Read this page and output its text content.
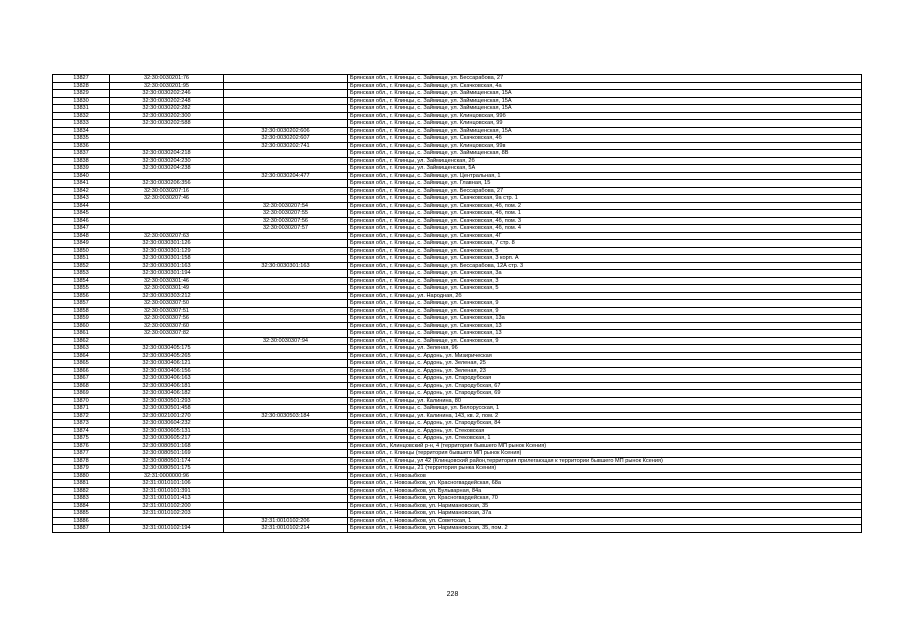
13827	32:30:0030201:76		Брянская обл., г. Клинцы, с. Займище, ул. Бессарабова, 27
13828	32:30:0030201:95		Брянская обл., г. Клинцы, с. Займище, ул. Скачковская, 4а
13829	32:30:0030202:246		Брянская обл., г. Клинцы, с. Займище, ул. Займищенская, 15А
13830	32:30:0030202:248		Брянская обл., г. Клинцы, с. Займище, ул. Займищенская, 15А
13831	32:30:0030202:282		Брянская обл., г. Клинцы, с. Займище, ул. Займищенская, 15А
13832	32:30:0030202:300		Брянская обл., г. Клинцы, с. Займище, ул. Клинцовская, 99б
13833	32:30:0030202:588		Брянская обл., г. Клинцы, с. Займище, ул. Клинцовская, 99
13834		32:30:0030202:606	Брянская обл., г. Клинцы, с. Займище, ул. Займищенская, 15А
13835		32:30:0030202:607	Брянская обл., г. Клинцы, с. Займище, ул. Скачковская, 4б
13836		32:30:0030202:741	Брянская обл., г. Клинцы, с. Займище, ул. Клинцовская, 99в
13837	32:30:0030204:218		Брянская обл., г. Клинцы, с. Займище, ул. Займищенская, 8В
13838	32:30:0030204:230		Брянская обл., г. Клинцы, ул. Займищенская, 2б
13839	32:30:0030204:238		Брянская обл., г. Клинцы, ул. Займищенская, 5А
13840		32:30:0030204:477	Брянская обл., г. Клинцы, с. Займище, ул. Центральная, 1
13841	32:30:0030206:356		Брянская обл., г. Клинцы, с. Займище, ул. Главная, 15
13842	32:30:0030207:16		Брянская обл., г. Клинцы, с. Займище, ул. Бессарабова, 27
13843	32:30:0030207:46		Брянская обл., г. Клинцы, с. Займище, ул. Скачковская, 9а стр. 1
13844		32:30:0030207:54	Брянская обл., г. Клинцы, с. Займище, ул. Скачковская, 4б, пом. 2
13845		32:30:0030207:55	Брянская обл., г. Клинцы, с. Займище, ул. Скачковская, 4б, пом. 1
13846		32:30:0030207:56	Брянская обл., г. Клинцы, с. Займище, ул. Скачковская, 4б, пом. 3
13847		32:30:0030207:57	Брянская обл., г. Клинцы, с. Займище, ул. Скачковская, 4б, пом. 4
13848	32:30:0030207:63		Брянская обл., г. Клинцы, с. Займище, ул. Скачковская, 4Г
13849	32:30:0030301:126		Брянская обл., г. Клинцы, с. Займище, ул. Скачковская, 7 стр. 8
13850	32:30:0030301:129		Брянская обл., г. Клинцы, с. Займище, ул. Скачковская, 5
13851	32:30:0030301:158		Брянская обл., г. Клинцы, с. Займище, ул. Скачковская, 3 корп. А
13852	32:30:0030301:163	32:30:0030301:163	Брянская обл., г. Клинцы, с. Займище, ул. Бессарабова, 12А стр. 3
13853	32:30:0030301:194		Брянская обл., г. Клинцы, с. Займище, ул. Скачковская, 3а
13854	32:30:0030301:46		Брянская обл., г. Клинцы, с. Займище, ул. Скачковская, 3
13855	32:30:0030301:49		Брянская обл., г. Клинцы, с. Займище, ул. Скачковская, 5
13856	32:30:0030303:212		Брянская обл., г. Клинцы, ул. Народная, 2б
13857	32:30:0030307:50		Брянская обл., г. Клинцы, с. Займище, ул. Скачковская, 9
13858	32:30:0030307:51		Брянская обл., г. Клинцы, с. Займище, ул. Скачковская, 9
13859	32:30:0030307:56		Брянская обл., г. Клинцы, с. Займище, ул. Скачковская, 13а
13860	32:30:0030307:60		Брянская обл., г. Клинцы, с. Займище, ул. Скачковская, 13
13861	32:30:0030307:82		Брянская обл., г. Клинцы, с. Займище, ул. Скачковская, 13
13862		32:30:0030307:94	Брянская обл., г. Клинцы, с. Займище, ул. Скачковская, 9
13863	32:30:0030405:175		Брянская обл., г. Клинцы, ул. Зеленая, 96
13864	32:30:0030405:265		Брянская обл., г. Клинцы, с. Ардонь, ул. Мизирическая
13865	32:30:0030406:121		Брянская обл., г. Клинцы, с. Ардонь, ул. Зеленая, 25
13866	32:30:0030406:156		Брянская обл., г. Клинцы, с. Ардонь, ул. Зеленая, 23
13867	32:30:0030406:163		Брянская обл., г. Клинцы, с. Ардонь, ул. Стародубская
13868	32:30:0030406:181		Брянская обл., г. Клинцы, с. Ардонь, ул. Стародубская, 67
13869	32:30:0030406:182		Брянская обл., г. Клинцы, с. Ардонь, ул. Стародубская, 69
13870	32:30:0030501:293		Брянская обл., г. Клинцы, ул. Калинина, 80
13871	32:30:0030501:458		Брянская обл., г. Клинцы, с. Займище, ул. Белорусская, 1
13872	32:30:0021001:270	32:30:0030503:184	Брянская обл., г. Клинцы, ул. Калинина, 143, кв. 2, пом. 2
13873	32:30:0030604:232		Брянская обл., г. Клинцы, с. Ардонь, ул. Стародубская, 84
13874	32:30:0030605:131		Брянская обл., г. Клинцы, с. Ардонь, ул. Стековская
13875	32:30:0030605:217		Брянская обл., г. Клинцы, с. Ардонь, ул. Стековская, 1
13876	32:30:0080501:168		Брянская обл., Клинцовский р-н, 4 (территория бывшего МП рынок Ксения)
13877	32:30:0080501:169		Брянская обл., г. Клинцы (территория бывшего МП рынок Ксения)
13878	32:30:0080501:174		Брянская обл., г. Клинцы, ул 42 (Клинцовский район,территория прилегающая к территории бывшего МП рынок Ксения)
13879	32:30:0080501:175		Брянская обл., г. Клинцы, 21 (территория рынка Ксения)
13880	32:31:0000000:96		Брянская обл., г. Новозыбков
13881	32:31:0010101:106		Брянская обл., г. Новозыбков, ул. Красногвардейская, 68а
13882	32:31:0010101:391		Брянская обл., г. Новозыбков, ул. Бульварная, 84а
13883	32:31:0010101:413		Брянская обл., г. Новозыбков, ул. Красногвардейская, 70
13884	32:31:0010102:200		Брянская обл., г. Новозыбков, ул. Наримановская, 35
13885	32:31:0010102:203		Брянская обл., г. Новозыбков, ул. Наримановская, 37а
13886		32:31:0010102:206	Брянская обл., г. Новозыбков, ул. Советская, 1
13887	32:31:0010102:194	32:31:0010102:214	Брянская обл., г. Новозыбков, ул. Наримановская, 35, пом. 2
228
